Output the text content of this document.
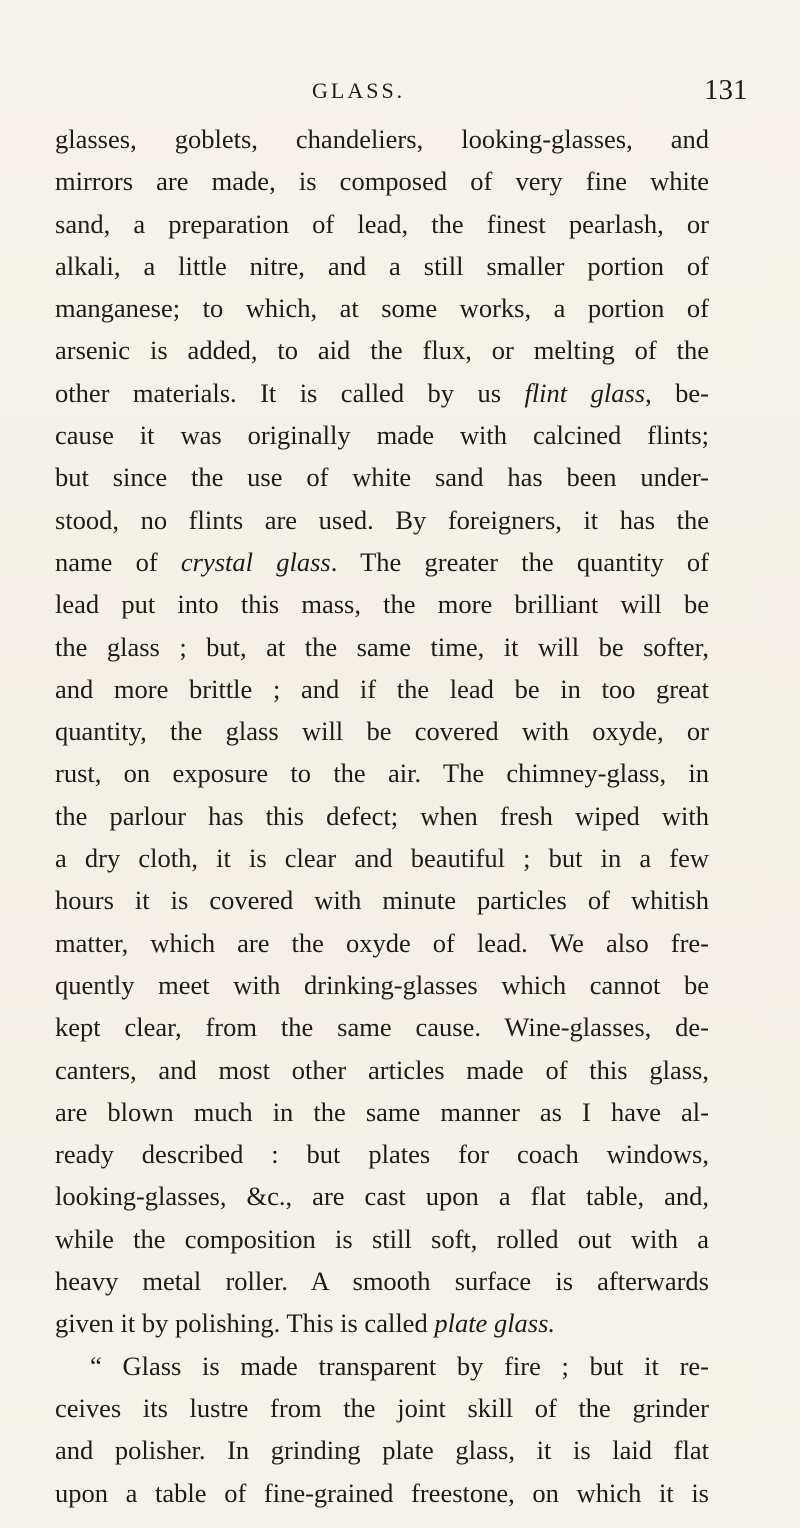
GLASS.	131
glasses, goblets, chandeliers, looking-glasses, and
mirrors are made, is composed of very fine white
sand, a preparation of lead, the finest pearlash, or
alkali, a little nitre, and a still smaller portion of
manganese; to which, at some works, a portion of
arsenic is added, to aid the flux, or melting of the
other materials. It is called by us flint glass, be-
cause it was originally made with calcined flints;
but since the use of white sand has been under-
stood, no flints are used. By foreigners, it has the
name of crystal glass. The greater the quantity of
lead put into this mass, the more brilliant will be
the glass ; but, at the same time, it will be softer,
and more brittle ; and if the lead be in too great
quantity, the glass will be covered with oxyde, or
rust, on exposure to the air. The chimney-glass, in
the parlour has this defect; when fresh wiped with
a dry cloth, it is clear and beautiful ; but in a few
hours it is covered with minute particles of whitish
matter, which are the oxyde of lead. We also fre-
quently meet with drinking-glasses which cannot be
kept clear, from the same cause. Wine-glasses, de-
canters, and most other articles made of this glass,
are blown much in the same manner as I have al-
ready described : but plates for coach windows,
looking-glasses, &c., are cast upon a flat table, and,
while the composition is still soft, rolled out with a
heavy metal roller. A smooth surface is afterwards
given it by polishing. This is called plate glass.
“ Glass is made transparent by fire ; but it re-
ceives its lustre from the joint skill of the grinder
and polisher. In grinding plate glass, it is laid flat
upon a table of fine-grained freestone, on which it is
